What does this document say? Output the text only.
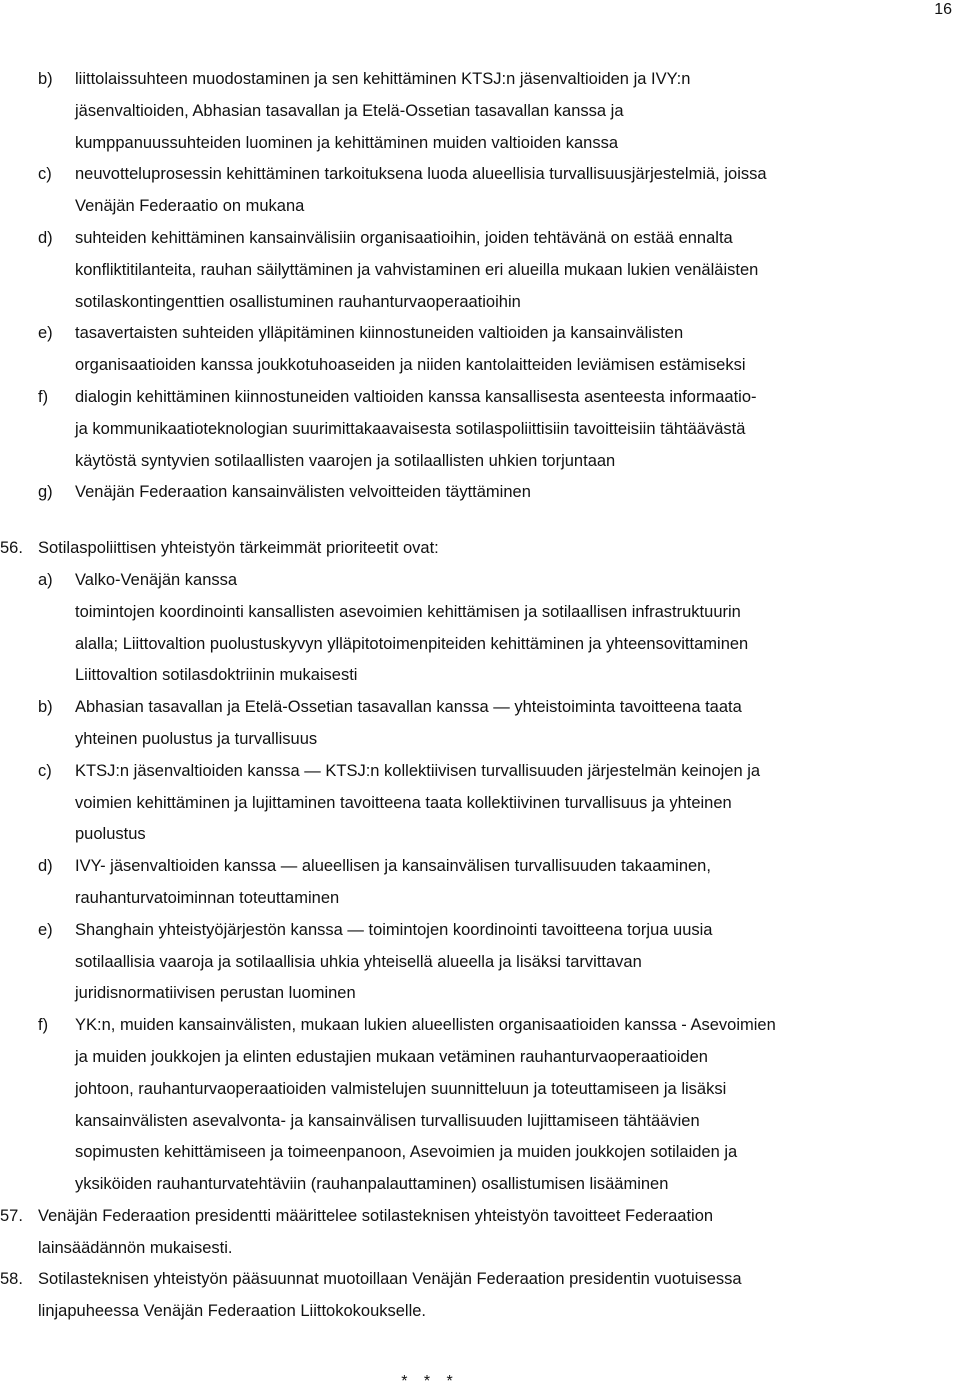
16
b) liittolaissuhteen muodostaminen ja sen kehittäminen KTSJ:n jäsenvaltioiden ja IVY:n
jäsenvaltioiden, Abhasian tasavallan ja Etelä-Ossetian tasavallan kanssa ja
kumppanuussuhteiden luominen ja kehittäminen muiden valtioiden kanssa
c) neuvotteluprosessin kehittäminen tarkoituksena luoda alueellisia turvallisuusjärjestelmiä, joissa
Venäjän Federaatio on mukana
d) suhteiden kehittäminen kansainvälisiin organisaatioihin, joiden tehtävänä on estää ennalta
konfliktitilanteita, rauhan säilyttäminen ja vahvistaminen eri alueilla mukaan lukien venäläisten
sotilaskontingenttien osallistuminen rauhanturvaoperaatioihin
e) tasavertaisten suhteiden ylläpitäminen kiinnostuneiden valtioiden ja kansainvälisten
organisaatioiden kanssa joukkotuhoaseiden ja niiden kantolaitteiden leviämisen estämiseksi
f) dialogin kehittäminen kiinnostuneiden valtioiden kanssa kansallisesta asenteesta informaatio-
ja kommunikaatioteknologian suurimittakaavaisesta sotilaspoliittisiin tavoitteisiin tähtäävästä
käytöstä syntyvien sotilaallisten vaarojen ja sotilaallisten uhkien torjuntaan
g) Venäjän Federaation kansainvälisten velvoitteiden täyttäminen
56. Sotilaspoliittisen yhteistyön tärkeimmät prioriteetit ovat:
a) Valko-Venäjän kanssa
toimintojen koordinointi kansallisten asevoimien kehittämisen ja sotilaallisen infrastruktuurin
alalla; Liittovaltion puolustuskyvyn ylläpitotoimenpiteiden kehittäminen ja yhteensovittaminen
Liittovaltion sotilasdoktriinin mukaisesti
b) Abhasian tasavallan ja Etelä-Ossetian tasavallan kanssa — yhteistoiminta tavoitteena taata
yhteinen puolustus ja turvallisuus
c) KTSJ:n jäsenvaltioiden kanssa — KTSJ:n kollektiivisen turvallisuuden järjestelmän keinojen ja
voimien kehittäminen ja lujittaminen tavoitteena taata kollektiivinen turvallisuus ja yhteinen
puolustus
d) IVY- jäsenvaltioiden kanssa — alueellisen ja kansainvälisen turvallisuuden takaaminen,
rauhanturvatoiminnan toteuttaminen
e) Shanghain yhteistyöjärjestön kanssa — toimintojen koordinointi tavoitteena torjua uusia
sotilaallisia vaaroja ja sotilaallisia uhkia yhteisellä alueella ja lisäksi tarvittavan
juridisnormatiivisen perustan luominen
f) YK:n, muiden kansainvälisten, mukaan lukien alueellisten organisaatioiden kanssa - Asevoimien
ja muiden joukkojen ja elinten edustajien mukaan vetäminen rauhanturvaoperaatioiden
johtoon, rauhanturvaoperaatioiden valmistelujen suunnitteluun ja toteuttamiseen ja lisäksi
kansainvälisten asevalvonta- ja kansainvälisen turvallisuuden lujittamiseen tähtäävien
sopimusten kehittämiseen ja toimeenpanoon, Asevoimien ja muiden joukkojen sotilaiden ja
yksiköiden rauhanturvatehtäviin (rauhanpalauttaminen) osallistumisen lisääminen
57. Venäjän Federaation presidentti määrittelee sotilasteknisen yhteistyön tavoitteet Federaation
lainsäädännön mukaisesti.
58. Sotilasteknisen yhteistyön pääsuunnat muotoillaan Venäjän Federaation presidentin vuotuisessa
linjapuheessa Venäjän Federaation Liittokokoukselle.
* * *
